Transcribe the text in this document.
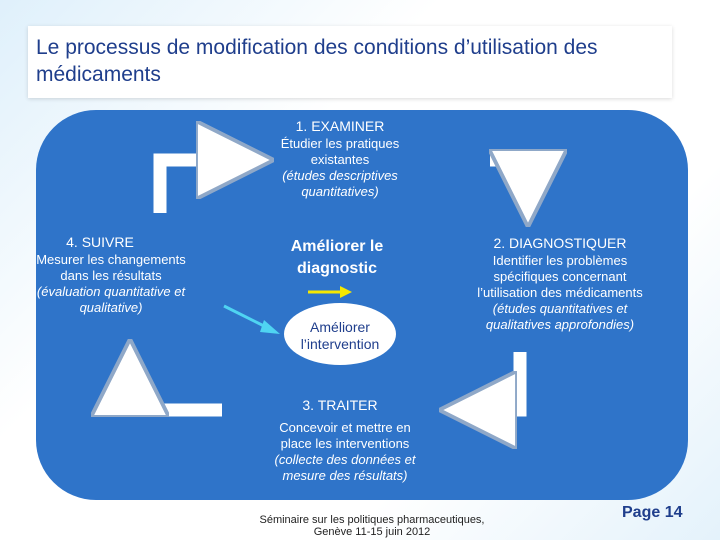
Le processus de modification des conditions d’utilisation des médicaments
1. EXAMINER
Étudier les pratiques
existantes
(études descriptives
quantitatives)
2. DIAGNOSTIQUER
Identifier les problèmes
spécifiques concernant
l’utilisation des médicaments
(études quantitatives et
qualitatives approfondies)
3. TRAITER
Concevoir et mettre en
place les interventions
(collecte des données et
mesure des résultats)
4. SUIVRE
Mesurer les changements
dans les résultats
(évaluation quantitative et
qualitative)
Améliorer le
diagnostic
Améliorer
l’intervention
Séminaire sur les politiques pharmaceutiques,
Genève 11-15 juin 2012
Page 14
